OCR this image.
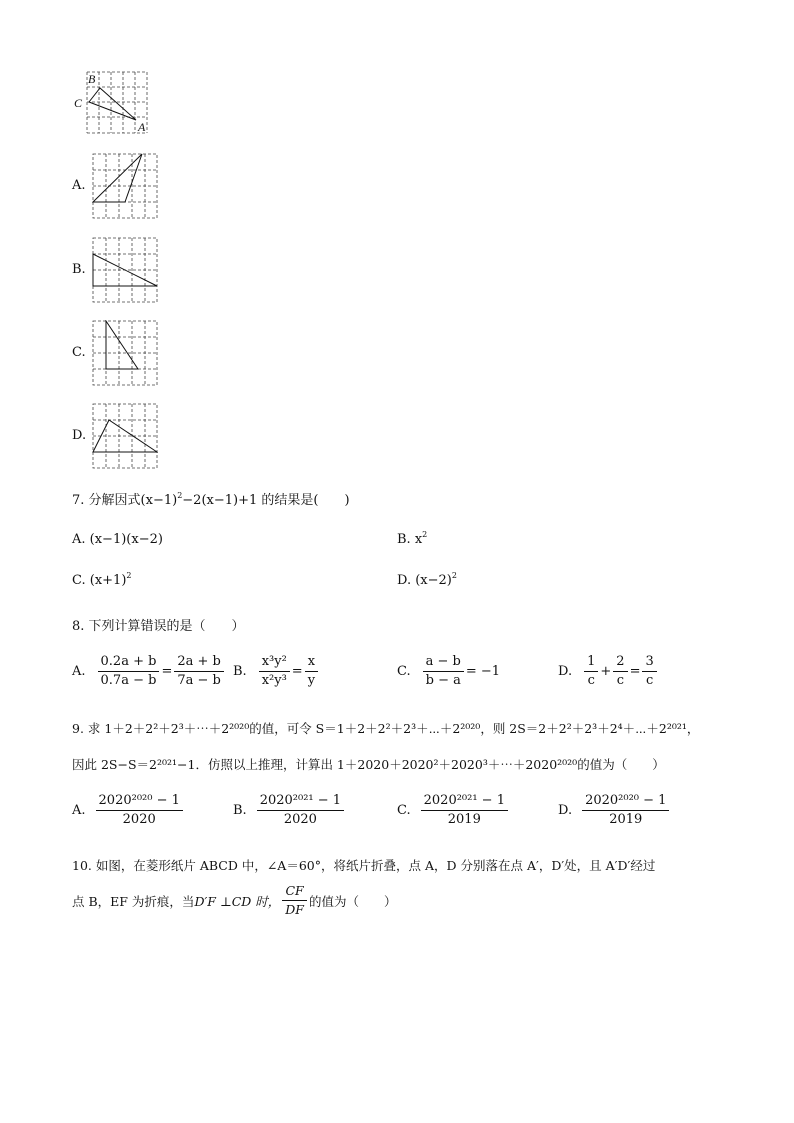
B
C
A
A.
B.
C.
D.
7. 分解因式$(x-1)^2-2(x-1)+1$ 的结果是(　　)
A. (x−1)(x−2)	B. $x^2$
C. $(x+1)^2$	D. $(x-2)^2$
8. 下列计算错误的是（　　）
A. $\frac{0.2a + b}{0.7a - b} = \frac{2a + b}{7a - b} B$. $\frac{\text{x³y²}}{\text{x²y³}} = \frac{x}{y}$	C. $\frac{a - b}{b - a} = -1$	D. $\frac{1}{c} + \frac{2}{c} = \frac{3}{c}$
9. 求 1＋2＋2²＋2³＋⋯＋2²⁰²⁰的值，可令 S＝1＋2＋2²＋2³＋⋯＋2²⁰²⁰，则 2S＝2＋2²＋2³＋2⁴＋⋯＋2²⁰²¹，
因此 2S−S＝2²⁰²¹−1．仿照以上推理，计算出 1＋2020＋2020²＋2020³＋⋯＋2020²⁰²⁰的值为（　　）
A. $\frac{\text{2020²⁰²⁰ − 1}}{2020}$	B. $\frac{\text{2020²⁰²¹ − 1}}{2020}$	C. $\frac{\text{2020²⁰²¹ − 1}}{2019}$	D. $\frac{\text{2020²⁰²⁰ − 1}}{2019}$
10. 如图，在菱形纸片 ABCD 中，∠A＝60°，将纸片折叠，点 A，D 分别落在点 A′，D′处，且 A′D′经过
点 B，EF 为折痕，当 D′F ⊥CD 时， $\frac{CF}{DF}$ 的值为（　　）
